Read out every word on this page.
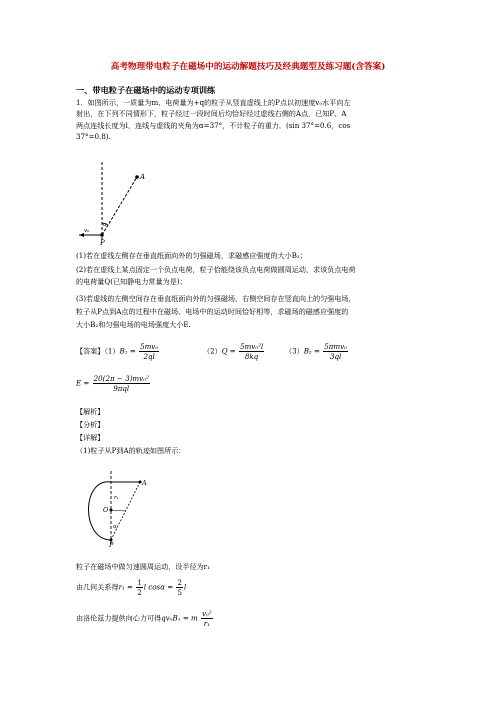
高考物理带电粒子在磁场中的运动解题技巧及经典题型及练习题(含答案)
一、带电粒子在磁场中的运动专项训练
1．如图所示，一质量为m、电荷量为+q的粒子从竖直虚线上的P点以初速度v₀水平向左
射出，在下列不同情形下，粒子经过一段时间后均恰好经过虚线右侧的A点．已知P、A
两点连线长度为l，连线与虚线的夹角为α=37°，不计粒子的重力．(sin 37°=0.6，cos
37°=0.8).
A
P
α
v₀
(1)若在虚线左侧存在垂直纸面向外的匀强磁场，求磁感应强度的大小B₁；
(2)若在虚线上某点固定一个负点电荷，粒子恰能绕该负点电荷做圆周运动，求该负点电荷
的电荷量Q(已知静电力常量为是)；
(3)若虚线的左侧空间存在垂直纸面向外的匀强磁场，右侧空间存在竖直向上的匀强电场，
粒子从P点到A点的过程中在磁场、电场中的运动时间恰好相等，求磁场的磁感应强度的
大小B₂和匀强电场的电场强度大小E.
【答案】$(1)B_1 = \frac{\text{5mv₀}}{2ql}$	$(2)Q = \frac{\text{5mv₀²l}}{8kq}$	$(3)B_2 = \frac{\text{5πmv₀}}{3ql}$
$E = \frac{\text{20(2π − 3)mv₀²}}{\text{9πql}}$
【解析】
【分析】
【详解】
（1)粒子从P到A的轨迹如图所示：
A
P
O
r₁
α
粒子在磁场中做匀速圆周运动，设半径为r₁
由几何关系得$r_1 = \frac{1}{2}$ l $\cos\alpha = \frac{2}{5}$ l
由洛伦兹力提供向心力可得qv₀B₁ = m $\frac{\text{v₀²}}{\text{r₁}}$
